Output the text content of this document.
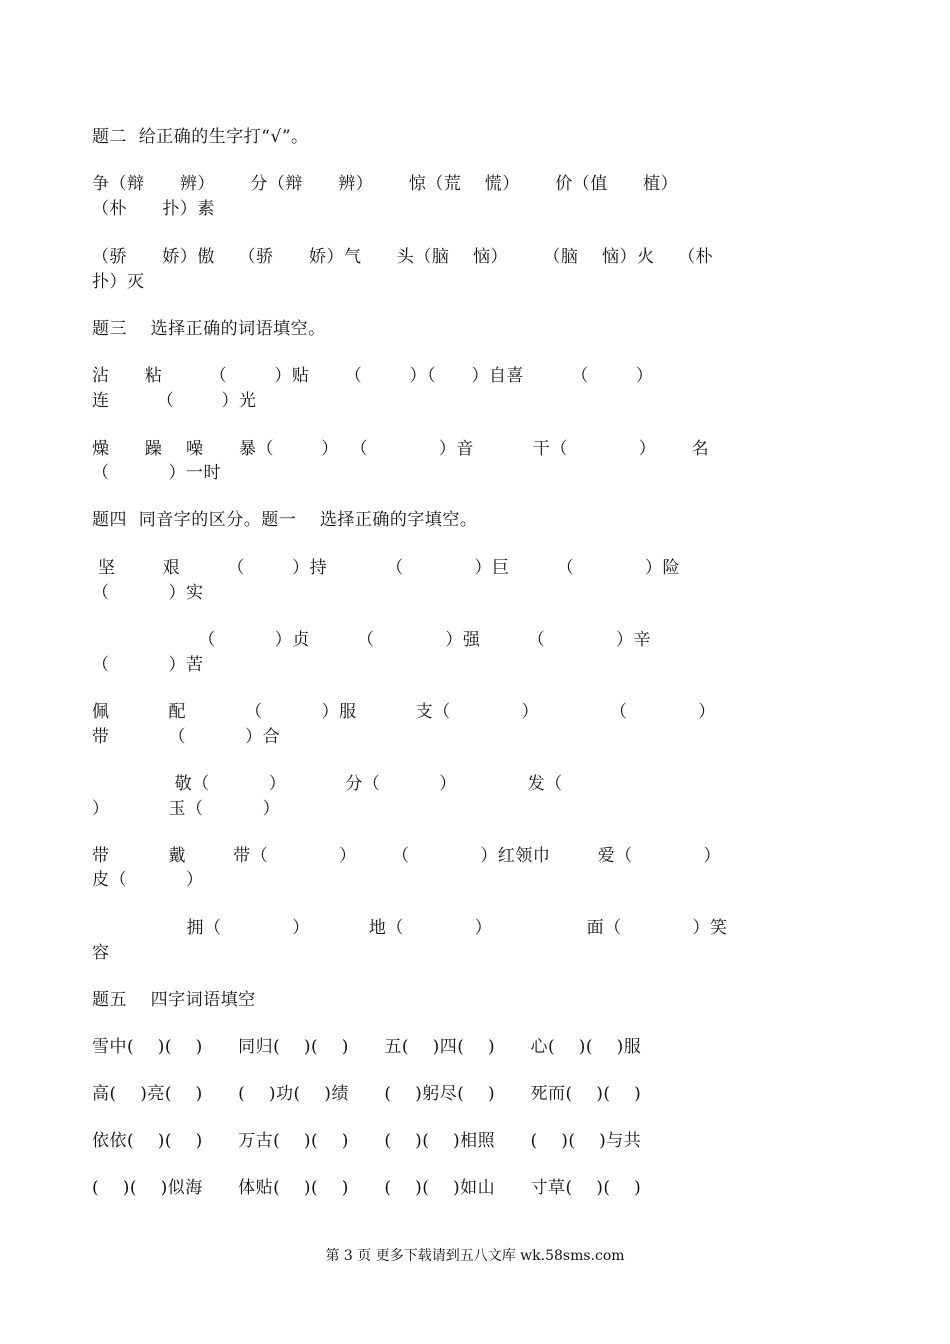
题二  给正确的生字打“√”。
争（辩      辨）      分（辩      辨）      惊（荒    慌）      价（值      植）
（朴      扑）素
（骄      娇）傲    （骄      娇）气      头（脑    恼）      （脑    恼）火    （朴
扑）灭
题三    选择正确的词语填空。
沾      粘        （        ）贴      （        ）（      ）自喜        （        ）
连        （        ）光
燥      躁    噪      暴（        ）  （            ）音          干（            ）      名
（          ）一时
题四  同音字的区分。题一    选择正确的字填空。
坚        艰        （        ）持          （            ）巨        （            ）险
（          ）实
（          ）贞        （            ）强        （            ）辛
（          ）苦
佩          配          （          ）服          支（            ）            （            ）
带          （          ）合
敬（          ）          分（          ）            发（
）          玉（          ）
带          戴        带（            ）      （            ）红领巾        爱（            ）
皮（          ）
拥（            ）          地（            ）                面（            ）笑
容
题五    四字词语填空
雪中(    )(    )      同归(    )(    )      五(    )四(    )      心(    )(    )服
高(    )亮(    )      (    )功(    )绩      (    )躬尽(    )      死而(    )(    )
依依(    )(    )      万古(    )(    )      (    )(    )相照      (    )(    )与共
(    )(    )似海      体贴(    )(    )      (    )(    )如山      寸草(    )(    )
第 3 页 更多下载请到五八文库 wk.58sms.com
